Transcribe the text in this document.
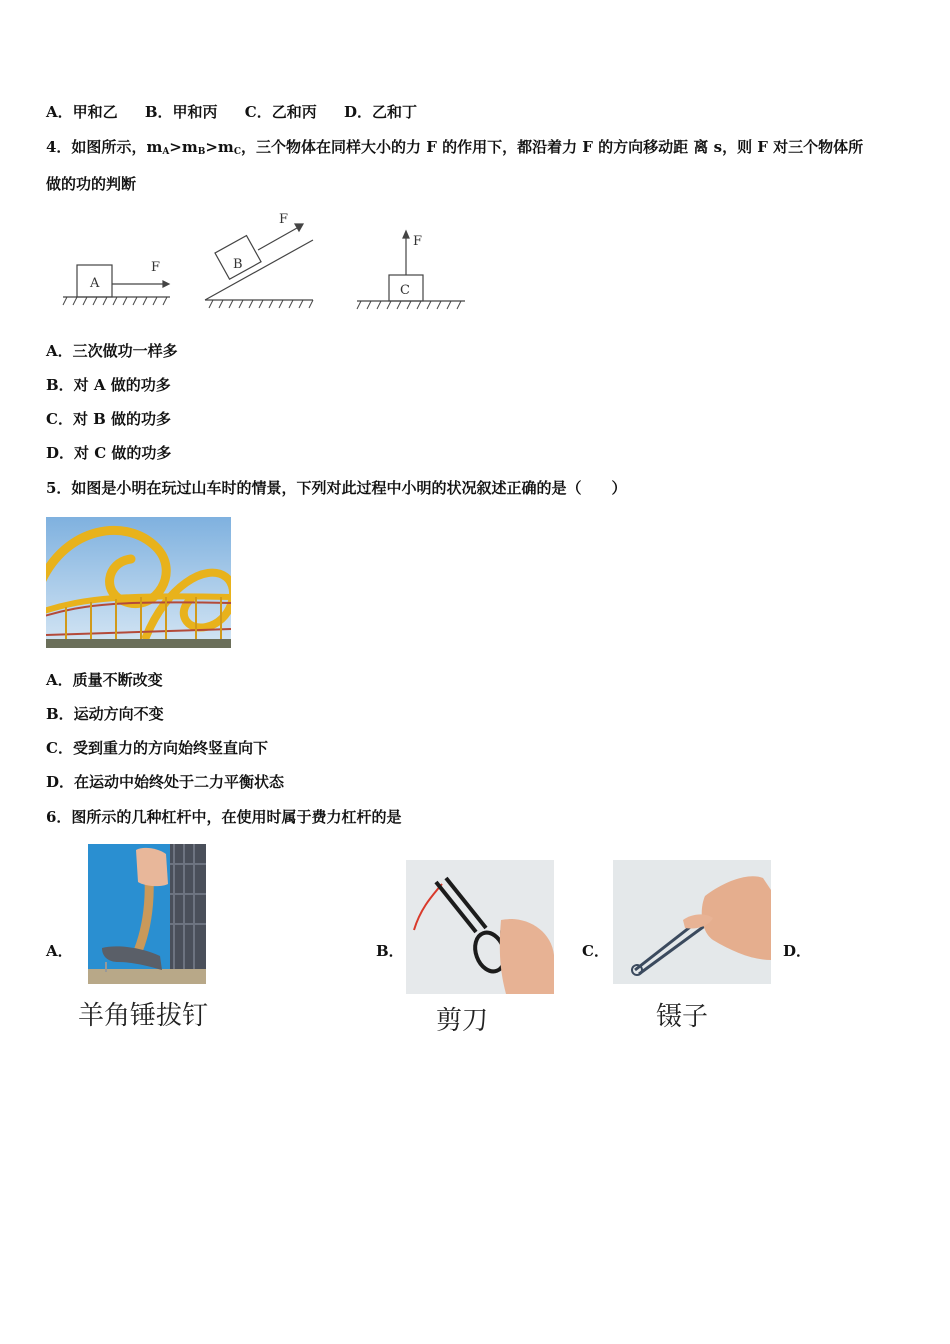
A．甲和乙 B．甲和丙 C．乙和丙 D．乙和丁
4．如图所示，$m_A>m_B>m_C$，三个物体在同样大小的力 F 的作用下，都沿着力 F 的方向移动距 离 s，则 F 对三个物体所
做的功的判断
A
F	B
F
C
F
A．三次做功一样多
B．对 A 做的功多
C．对 B 做的功多
D．对 C 做的功多
5．如图是小明在玩过山车时的情景，下列对此过程中小明的状况叙述正确的是（　　）
A．质量不断改变
B．运动方向不变
C．受到重力的方向始终竖直向下
D．在运动中始终处于二力平衡状态
6．图所示的几种杠杆中，在使用时属于费力杠杆的是
A．	B．	C．	D．
羊角锤拔钉	剪刀	镊子
